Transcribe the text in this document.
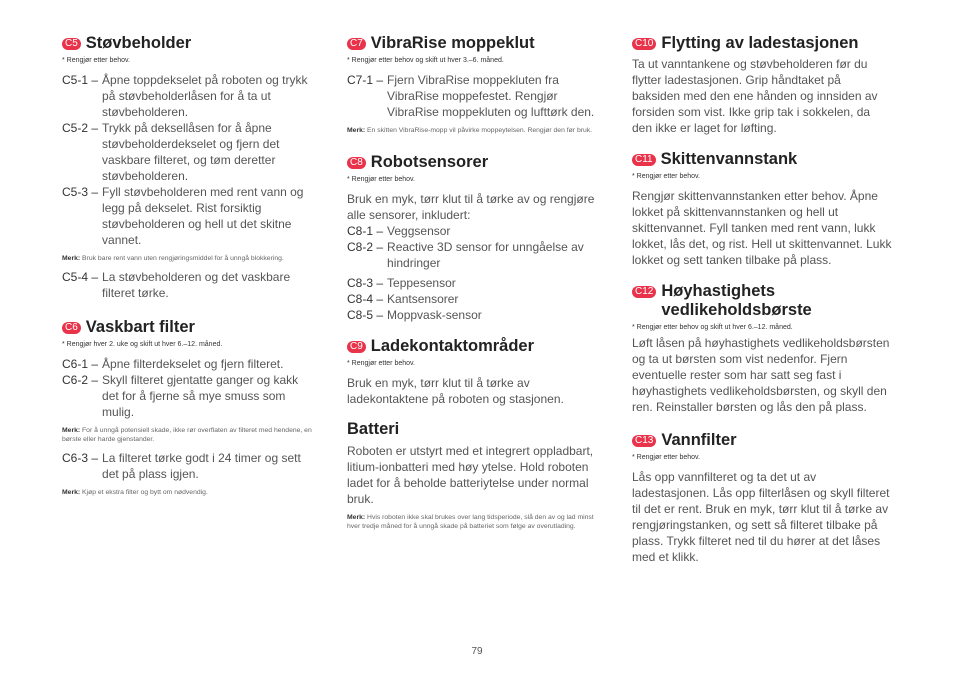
C5 Støvbeholder
* Rengjør etter behov.
C5-1 – Åpne toppdekselet på roboten og trykk på støvbeholderlåsen for å ta ut støvbeholderen.
C5-2 – Trykk på deksellåsen for å åpne støvbeholderdekselet og fjern det vaskbare filteret, og tøm deretter støvbeholderen.
C5-3 – Fyll støvbeholderen med rent vann og legg på dekselet. Rist forsiktig støvbeholderen og hell ut det skitne vannet.
Merk: Bruk bare rent vann uten rengjøringsmiddel for å unngå blokkering.
C5-4 – La støvbeholderen og det vaskbare filteret tørke.
C6 Vaskbart filter
* Rengjør hver 2. uke og skift ut hver 6.–12. måned.
C6-1 – Åpne filterdekselet og fjern filteret.
C6-2 – Skyll filteret gjentatte ganger og kakk det for å fjerne så mye smuss som mulig.
Merk: For å unngå potensiell skade, ikke rør overflaten av filteret med hendene, en børste eller harde gjenstander.
C6-3 – La filteret tørke godt i 24 timer og sett det på plass igjen.
Merk: Kjøp et ekstra filter og bytt om nødvendig.
C7 VibraRise moppeklut
* Rengjør etter behov og skift ut hver 3.–6. måned.
C7-1 – Fjern VibraRise moppekluten fra VibraRise moppefestet. Rengjør VibraRise moppekluten og lufttørk den.
Merk: En skitten VibraRise-mopp vil påvirke moppeytelsen. Rengjør den før bruk.
C8 Robotsensorer
* Rengjør etter behov.

Bruk en myk, tørr klut til å tørke av og rengjøre alle sensorer, inkludert:

C8-1 – Veggsensor
C8-2 – Reactive 3D sensor for unngåelse av hindringer
C8-3 – Teppesensor
C8-4 – Kantsensorer
C8-5 – Moppvask-sensor
C9 Ladekontaktområder
* Rengjør etter behov.

Bruk en myk, tørr klut til å tørke av ladekontaktene på roboten og stasjonen.

Batteri

Roboten er utstyrt med et integrert oppladbart, litium-ionbatteri med høy ytelse. Hold roboten ladet for å beholde batteriytelse under normal bruk.

Merk: Hvis roboten ikke skal brukes over lang tidsperiode, slå den av og lad minst hver tredje måned for å unngå skade på batteriet som følge av overutlading.
C10 Flytting av ladestasjonen

Ta ut vanntankene og støvbeholderen før du flytter ladestasjonen. Grip håndtaket på baksiden med den ene hånden og innsiden av forsiden som vist. Ikke grip tak i sokkelen, da den ikke er laget for løfting.

C11 Skittenvannstank
* Rengjør etter behov.

Rengjør skittenvannstanken etter behov. Åpne lokket på skittenvannstanken og hell ut skittenvannet. Fyll tanken med rent vann, lukk lokket, lås det, og rist. Hell ut skittenvannet. Lukk lokket og sett tanken tilbake på plass.

C12 Høyhastighets vedlikeholdsbørste
* Rengjør etter behov og skift ut hver 6.–12. måned.

Løft låsen på høyhastighets vedlikeholdsbørsten og ta ut børsten som vist nedenfor. Fjern eventuelle rester som har satt seg fast i høyhastighets vedlikeholdsbørsten, og skyll den ren. Reinstaller børsten og lås den på plass.

C13 Vannfilter
* Rengjør etter behov.

Lås opp vannfilteret og ta det ut av ladestasjonen. Lås opp filterlåsen og skyll filteret til det er rent. Bruk en myk, tørr klut til å tørke av rengjøringstanken, og sett så filteret tilbake på plass. Trykk filteret ned til du hører at det låses med et klikk.

79
